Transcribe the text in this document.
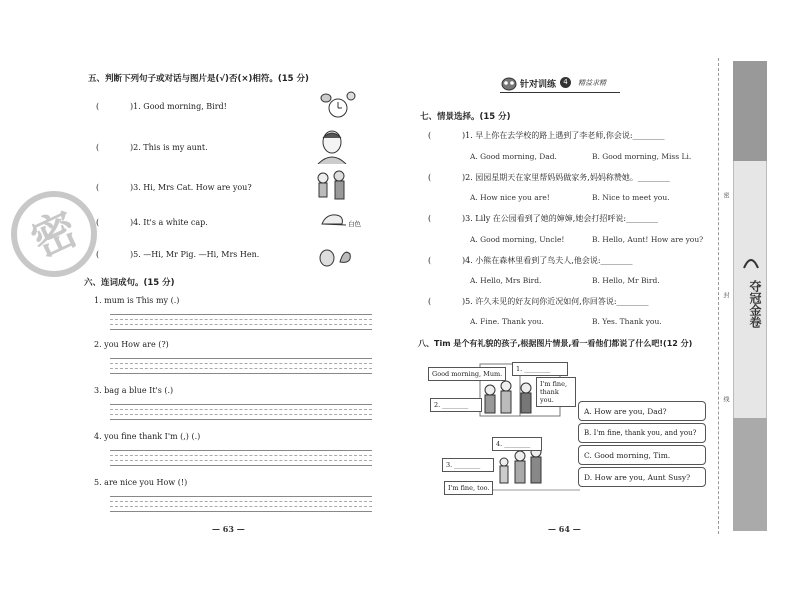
五、判断下列句子或对话与图片是(√)否(×)相符。(15 分)
(	)1. Good morning, Bird!
(	)2. This is my aunt.
(	)3. Hi, Mrs Cat. How are you?
(	)4. It's a white cap.
(	)5. —Hi, Mr Pig. —Hi, Mrs Hen.
白色
密
六、连词成句。(15 分)
1. mum is This my (.)
2. you How are (?)
3. bag a blue It's (.)
4. you fine thank I'm (,) (.)
5. are nice you How (!)
— 63 —
针对训练	4	精益求精
七、情景选择。(15 分)
(	)1. 早上你在去学校的路上遇到了李老师,你会说:________
A. Good morning, Dad.	B. Good morning, Miss Li.
(	)2. 园园星期天在家里帮妈妈做家务,妈妈称赞她。________
A. How nice you are!	B. Nice to meet you.
(	)3. Lily 在公园看到了她的婶婶,她会打招呼说:________
A. Good morning, Uncle!	B. Hello, Aunt! How are you?
(	)4. 小熊在森林里看到了鸟夫人,他会说:________
A. Hello, Mrs Bird.	B. Hello, Mr Bird.
(	)5. 许久未见的好友问你近况如何,你回答说:________
A. Fine. Thank you.	B. Yes. Thank you.
八、Tim 是个有礼貌的孩子,根据图片情景,看一看他们都说了什么吧!(12 分)
Good morning, Mum.
1. ________
I'm fine, thank you.
2. ________
4. ________
3. ________
I'm fine, too.
A. How are you, Dad?
B. I'm fine, thank you, and you?
C. Good morning, Tim.
D. How are you, Aunt Susy?
— 64 —
夺冠金卷
密
封
线
